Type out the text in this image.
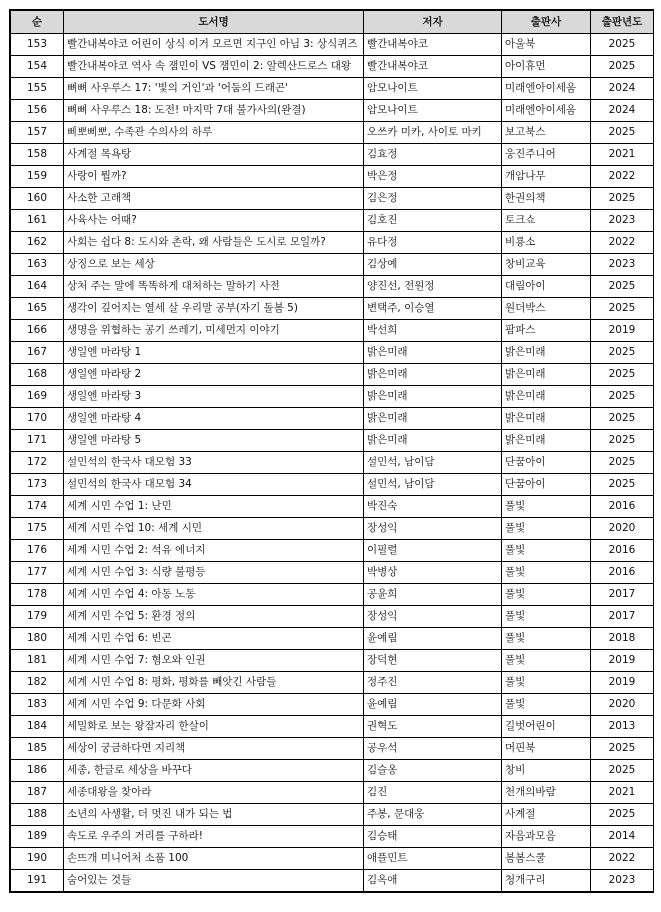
순	도서명	저자	출판사	출판년도
153	빨간내복야코 어린이 상식 이거 모르면 지구인 아님 3: 상식퀴즈	빨간내복야코	아울북	2025
154	빨간내복야코 역사 속 잼민이 VS 잼민이 2: 알렉산드로스 대왕	빨간내복야코	아이휴먼	2025
155	뼈뼈 사우루스 17: '빛의 거인'과 '어둠의 드래곤'	암모나이트	미래엔아이세움	2024
156	뼈뼈 사우루스 18: 도전! 마지막 7대 불가사의(완결)	암모나이트	미래엔아이세움	2024
157	삐뽀삐뽀, 수족관 수의사의 하루	오쓰카 미카, 사이토 마키	보고북스	2025
158	사계절 목욕탕	김효정	웅진주니어	2021
159	사랑이 뭘까?	박은정	개암나무	2022
160	사소한 고래책	김은정	한권의책	2025
161	사육사는 어때?	김호진	토크쇼	2023
162	사회는 쉽다 8: 도시와 촌락, 왜 사람들은 도시로 모일까?	유다정	비룡소	2022
163	상징으로 보는 세상	김상예	창비교육	2023
164	상처 주는 말에 똑똑하게 대처하는 말하기 사전	양진선, 전원정	대림아이	2025
165	생각이 깊어지는 열세 살 우리말 공부(자기 돌봄 5)	변택주, 이승열	원더박스	2025
166	생명을 위협하는 공기 쓰레기, 미세먼지 이야기	박선희	팜파스	2019
167	생일엔 마라탕 1	밝은미래	밝은미래	2025
168	생일엔 마라탕 2	밝은미래	밝은미래	2025
169	생일엔 마라탕 3	밝은미래	밝은미래	2025
170	생일엔 마라탕 4	밝은미래	밝은미래	2025
171	생일엔 마라탕 5	밝은미래	밝은미래	2025
172	설민석의 한국사 대모험 33	설민석, 남이담	단꿈아이	2025
173	설민석의 한국사 대모험 34	설민석, 남이담	단꿈아이	2025
174	세계 시민 수업 1: 난민	박진숙	풀빛	2016
175	세계 시민 수업 10: 세계 시민	장성익	풀빛	2020
176	세계 시민 수업 2: 석유 에너지	이필렬	풀빛	2016
177	세계 시민 수업 3: 식량 불평등	박병상	풀빛	2016
178	세계 시민 수업 4: 아동 노동	공윤희	풀빛	2017
179	세계 시민 수업 5: 환경 정의	장성익	풀빛	2017
180	세계 시민 수업 6: 빈곤	윤예림	풀빛	2018
181	세계 시민 수업 7: 혐오와 인권	장덕현	풀빛	2019
182	세계 시민 수업 8: 평화, 평화를 빼앗긴 사람들	정주진	풀빛	2019
183	세계 시민 수업 9: 다문화 사회	윤예림	풀빛	2020
184	세밀화로 보는 왕잠자리 한살이	권혁도	길벗어린이	2013
185	세상이 궁금하다면 지리책	공우석	머핀북	2025
186	세종, 한글로 세상을 바꾸다	김슬옹	창비	2025
187	세종대왕을 찾아라	김진	천개의바람	2021
188	소년의 사생활, 더 멋진 내가 되는 법	주봉, 문대웅	사계절	2025
189	속도로 우주의 거리를 구하라!	김승태	자음과모음	2014
190	손뜨개 미니어처 소품 100	애플민트	봄봄스쿨	2022
191	숨어있는 것들	김옥애	청개구리	2023
